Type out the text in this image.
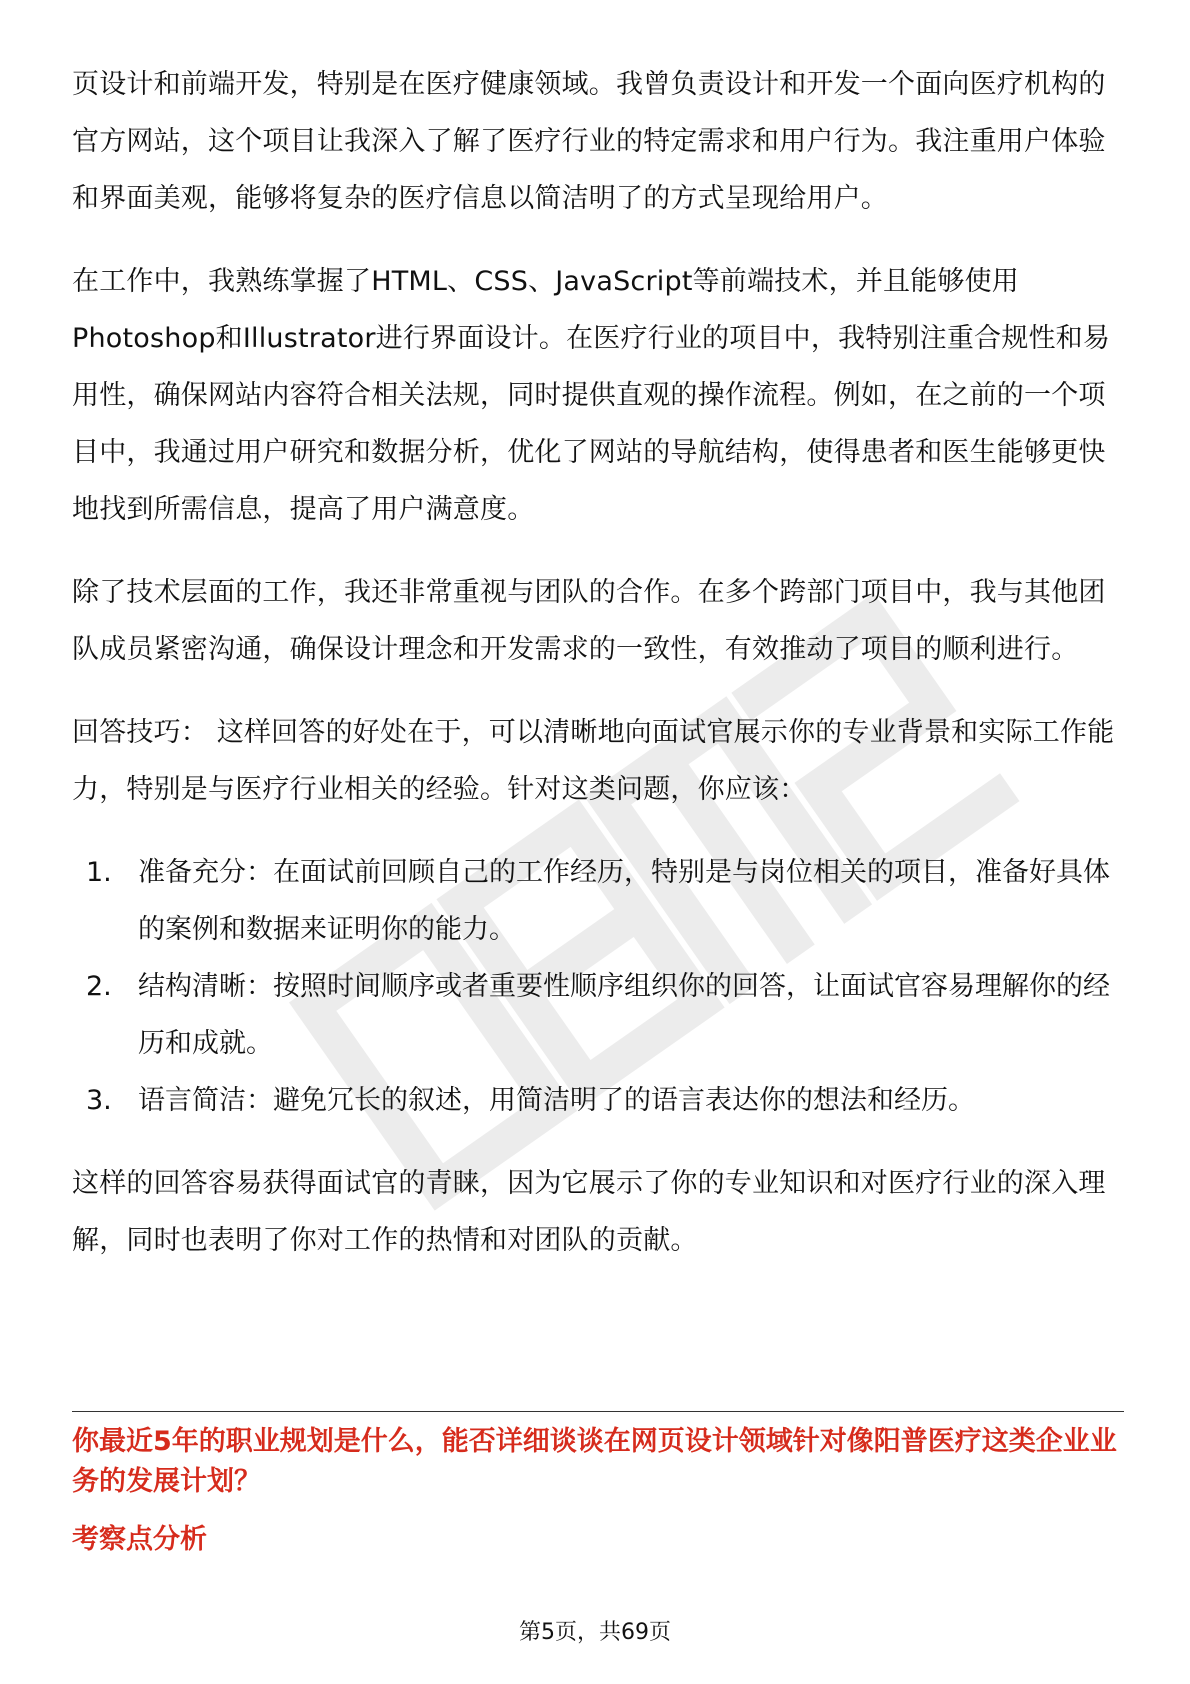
页设计和前端开发，特别是在医疗健康领域。我曾负责设计和开发一个面向医疗机构的官方网站，这个项目让我深入了解了医疗行业的特定需求和用户行为。我注重用户体验和界面美观，能够将复杂的医疗信息以简洁明了的方式呈现给用户。

在工作中，我熟练掌握了HTML、CSS、JavaScript等前端技术，并且能够使用Photoshop和Illustrator进行界面设计。在医疗行业的项目中，我特别注重合规性和易用性，确保网站内容符合相关法规，同时提供直观的操作流程。例如，在之前的一个项目中，我通过用户研究和数据分析，优化了网站的导航结构，使得患者和医生能够更快地找到所需信息，提高了用户满意度。

除了技术层面的工作，我还非常重视与团队的合作。在多个跨部门项目中，我与其他团队成员紧密沟通，确保设计理念和开发需求的一致性，有效推动了项目的顺利进行。

回答技巧： 这样回答的好处在于，可以清晰地向面试官展示你的专业背景和实际工作能力，特别是与医疗行业相关的经验。针对这类问题，你应该：

1. 准备充分：在面试前回顾自己的工作经历，特别是与岗位相关的项目，准备好具体的案例和数据来证明你的能力。
2. 结构清晰：按照时间顺序或者重要性顺序组织你的回答，让面试官容易理解你的经历和成就。
3. 语言简洁：避免冗长的叙述，用简洁明了的语言表达你的想法和经历。

这样的回答容易获得面试官的青睐，因为它展示了你的专业知识和对医疗行业的深入理解，同时也表明了你对工作的热情和对团队的贡献。

你最近5年的职业规划是什么，能否详细谈谈在网页设计领域针对像阳普医疗这类企业业务的发展计划？
考察点分析
第5页，共69页
